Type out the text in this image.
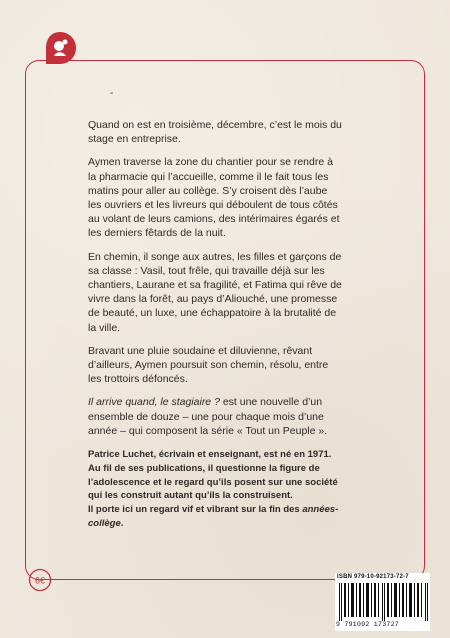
-

Quand on est en troisième, décembre, c’est le mois du stage en entreprise.

Aymen traverse la zone du chantier pour se rendre à la pharmacie qui l’accueille, comme il le fait tous les matins pour aller au collège. S’y croisent dès l’aube les ouvriers et les livreurs qui déboulent de tous côtés au volant de leurs camions, des intérimaires égarés et les derniers fêtards de la nuit.

En chemin, il songe aux autres, les filles et garçons de sa classe : Vasil, tout frêle, qui travaille déjà sur les chantiers, Laurane et sa fragilité, et Fatima qui rêve de vivre dans la forêt, au pays d’Aliouché, une promesse de beauté, un luxe, une échappatoire à la brutalité de la ville.

Bravant une pluie soudaine et diluvienne, rêvant d’ailleurs, Aymen poursuit son chemin, résolu, entre les trottoirs défoncés.

Il arrive quand, le stagiaire ? est une nouvelle d’un ensemble de douze – une pour chaque mois d’une année – qui composent la série « Tout un Peuple ».

Patrice Luchet, écrivain et enseignant, est né en 1971.

Au fil de ses publications, il questionne la figure de l’adolescence et le regard qu’ils posent sur une société qui les construit autant qu’ils la construisent.

Il porte ici un regard vif et vibrant sur la fin des années-collège.

6€	ISBN 979-10-92173-72-7
9 791092 173727
